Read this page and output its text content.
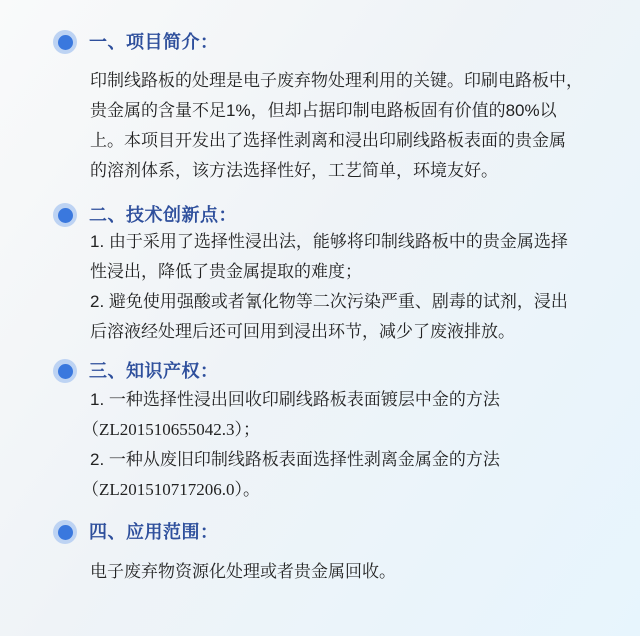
一、项目简介：
印制线路板的处理是电子废弃物处理利用的关键。印刷电路板中，
贵金属的含量不足1%，但却占据印制电路板固有价值的80%以
上。本项目开发出了选择性剥离和浸出印刷线路板表面的贵金属
的溶剂体系，该方法选择性好，工艺简单，环境友好。
二、技术创新点：
1. 由于采用了选择性浸出法，能够将印制线路板中的贵金属选择
性浸出，降低了贵金属提取的难度；
2. 避免使用强酸或者氰化物等二次污染严重、剧毒的试剂，浸出
后溶液经处理后还可回用到浸出环节，减少了废液排放。
三、知识产权：
1. 一种选择性浸出回收印刷线路板表面镀层中金的方法
（ZL201510655042.3）；
2. 一种从废旧印制线路板表面选择性剥离金属金的方法
（ZL201510717206.0）。
四、应用范围：
电子废弃物资源化处理或者贵金属回收。
